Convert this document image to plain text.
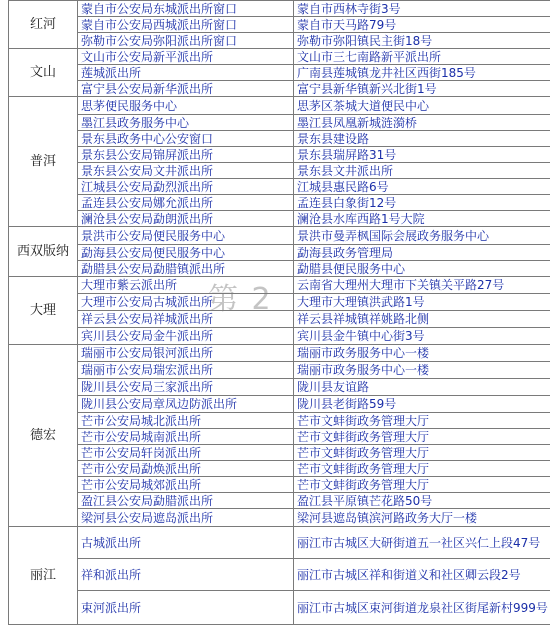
第 2
红河	蒙自市公安局东城派出所窗口	蒙自市西林寺街3号
	蒙自市公安局西城派出所窗口	蒙自市天马路79号
	弥勒市公安局弥阳派出所窗口	弥勒市弥阳镇民主街18号
文山	文山市公安局新平派出所	文山市三七南路新平派出所
	莲城派出所	广南县莲城镇龙井社区西街185号
	富宁县公安局新华派出所	富宁县新华镇新兴北街1号
普洱	思茅便民服务中心	思茅区茶城大道便民中心
	墨江县政务服务中心	墨江县凤凰新城涟漪桥
	景东县政务中心公安窗口	景东县建设路
	景东县公安局锦屏派出所	景东县瑞屏路31号
	景东县公安局文井派出所	景东县文井派出所
	江城县公安局勐烈派出所	江城县惠民路6号
	孟连县公安局娜允派出所	孟连县白象街12号
	澜沧县公安局勐朗派出所	澜沧县水库西路1号大院
西双版纳	景洪市公安局便民服务中心	景洪市曼弄枫国际会展政务服务中心
	勐海县公安局便民服务中心	勐海县政务管理局
	勐腊县公安局勐腊镇派出所	勐腊县便民服务中心
大理	大理市紫云派出所	云南省大理州大理市下关镇关平路27号
	大理市公安局古城派出所	大理市大理镇洪武路1号
	祥云县公安局祥城派出所	祥云县祥城镇祥姚路北侧
	宾川县公安局金牛派出所	宾川县金牛镇中心街3号
德宏	瑞丽市公安局银河派出所	瑞丽市政务服务中心一楼
	瑞丽市公安局瑞宏派出所	瑞丽市政务服务中心一楼
	陇川县公安局三家派出所	陇川县友谊路
	陇川县公安局章凤边防派出所	陇川县老街路59号
	芒市公安局城北派出所	芒市文蚌街政务管理大厅
	芒市公安局城南派出所	芒市文蚌街政务管理大厅
	芒市公安局轩岗派出所	芒市文蚌街政务管理大厅
	芒市公安局勐焕派出所	芒市文蚌街政务管理大厅
	芒市公安局城郊派出所	芒市文蚌街政务管理大厅
	盈江县公安局勐腊派出所	盈江县平原镇芒花路50号
	梁河县公安局遮岛派出所	梁河县遮岛镇滨河路政务大厅一楼
丽江	古城派出所	丽江市古城区大研街道五一社区兴仁上段47号
	祥和派出所	丽江市古城区祥和街道义和社区卿云段2号
	束河派出所	丽江市古城区束河街道龙泉社区街尾新村999号
